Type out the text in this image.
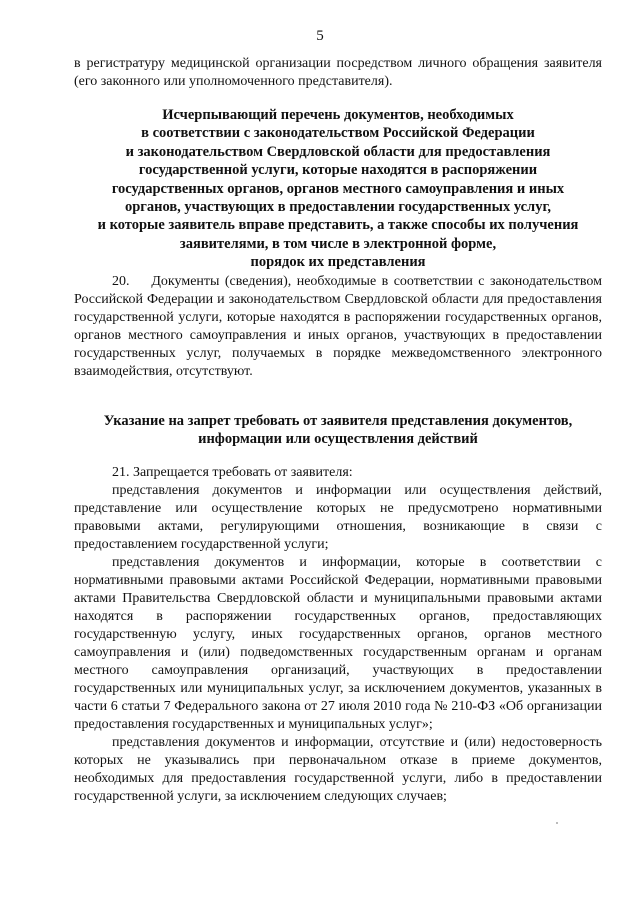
5

в регистратуру медицинской организации посредством личного обращения заявителя (его законного или уполномоченного представителя).

Исчерпывающий перечень документов, необходимых
в соответствии с законодательством Российской Федерации
и законодательством Свердловской области для предоставления
государственной услуги, которые находятся в распоряжении
государственных органов, органов местного самоуправления и иных
органов, участвующих в предоставлении государственных услуг,
и которые заявитель вправе представить, а также способы их получения
заявителями, в том числе в электронной форме,
порядок их представления

20.    Документы (сведения), необходимые в соответствии с законодательством Российской Федерации и законодательством Свердловской области для предоставления государственной услуги, которые находятся в распоряжении государственных органов, органов местного самоуправления и иных органов, участвующих в предоставлении государственных услуг, получаемых в порядке межведомственного электронного взаимодействия, отсутствуют.

Указание на запрет требовать от заявителя представления документов,
информации или осуществления действий

21. Запрещается требовать от заявителя:

представления документов и информации или осуществления действий, представление или осуществление которых не предусмотрено нормативными правовыми актами, регулирующими отношения, возникающие в связи с предоставлением государственной услуги;

представления документов и информации, которые в соответствии с нормативными правовыми актами Российской Федерации, нормативными правовыми актами Правительства Свердловской области и муниципальными правовыми актами находятся в распоряжении государственных органов, предоставляющих государственную услугу, иных государственных органов, органов местного самоуправления и (или) подведомственных государственным органам и органам местного самоуправления организаций, участвующих в предоставлении государственных или муниципальных услуг, за исключением документов, указанных в части 6 статьи 7 Федерального закона от 27 июля 2010 года № 210-ФЗ «Об организации предоставления государственных и муниципальных услуг»;

представления документов и информации, отсутствие и (или) недостоверность которых не указывались при первоначальном отказе в приеме документов, необходимых для предоставления государственной услуги, либо в предоставлении государственной услуги, за исключением следующих случаев;
